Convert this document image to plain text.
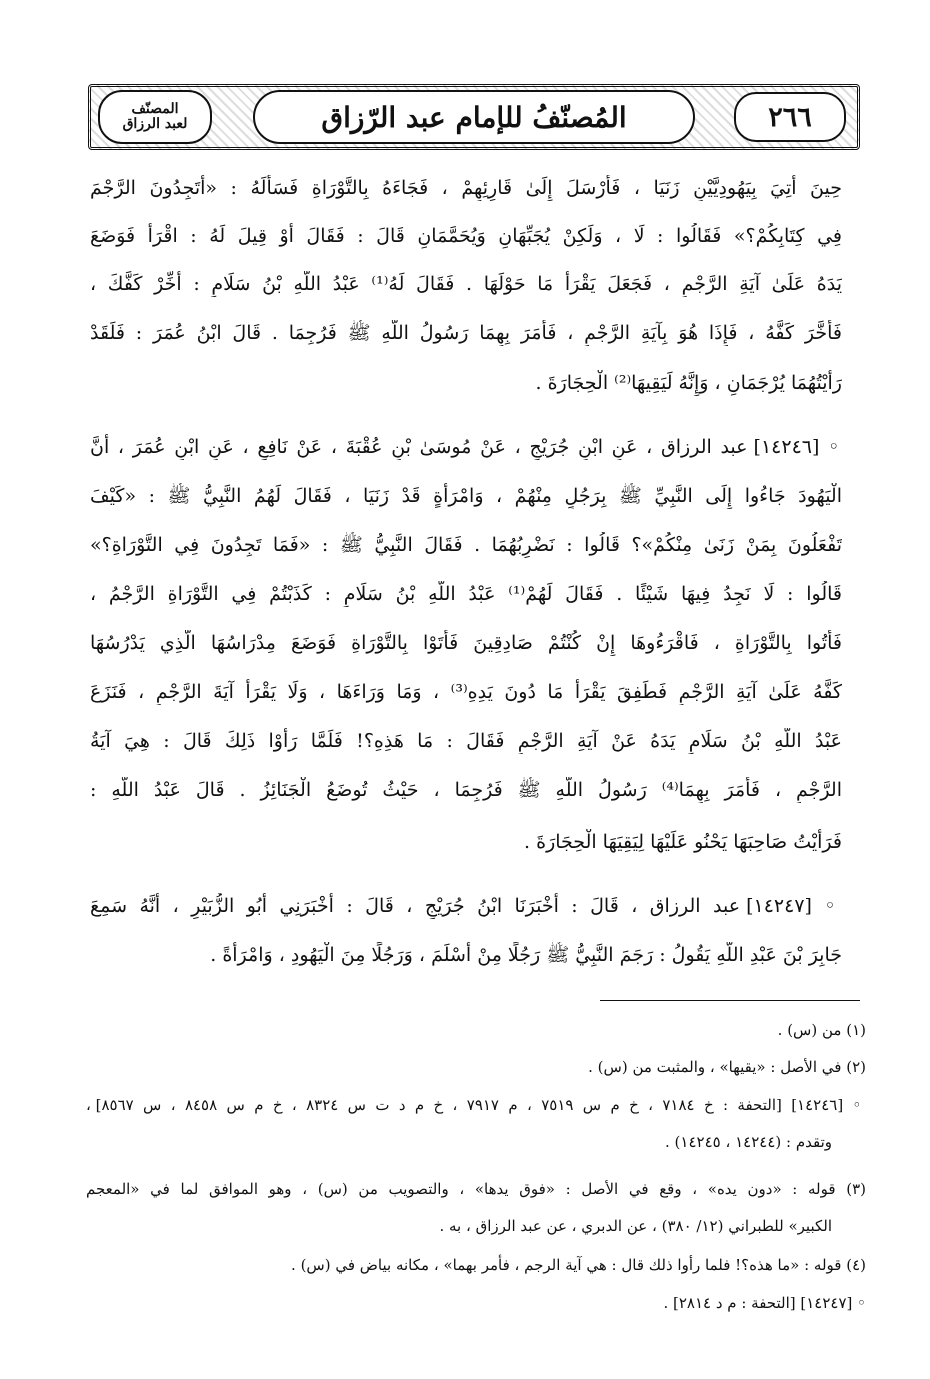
٢٦٦
المُصنّفُ للإمام عبد الرّزاق
المصنّف
لعبد الرزاق
حِينَ أُتِيَ بِيَهُودِيَّيْنِ زَنَيَا ، فَأَرْسَلَ إِلَىٰ قَارِئِهِمْ ، فَجَاءَهُ بِالتَّوْرَاةِ فَسَأَلَهُ : «أَتَجِدُونَ الرَّجْمَ
فِي كِتَابِكُمْ؟» فَقَالُوا : لَا ، وَلَكِنْ يُجَبِّهَانِ وَيُحَمَّمَانِ قَالَ : فَقَالَ أَوْ قِيلَ لَهُ : اقْرَأْ فَوَضَعَ
يَدَهُ عَلَىٰ آيَةِ الرَّجْمِ ، فَجَعَلَ يَقْرَأُ مَا حَوْلَهَا . فَقَالَ لَهُ⁽¹⁾ عَبْدُ اللَّهِ بْنُ سَلَامٍ : أَخِّرْ كَفَّكَ ،
فَأَخَّرَ كَفَّهُ ، فَإِذَا هُوَ بِآيَةِ الرَّجْمِ ، فَأَمَرَ بِهِمَا رَسُولُ اللَّهِ ﷺ فَرُجِمَا . قَالَ ابْنُ عُمَرَ : فَلَقَدْ
رَأَيْتُهُمَا يُرْجَمَانِ ، وَإِنَّهُ لَيَقِيهَا⁽²⁾ الْحِجَارَةَ .
◦ [١٤٢٤٦] عبد الرزاق ، عَنِ ابْنِ جُرَيْجٍ ، عَنْ مُوسَىٰ بْنِ عُقْبَةَ ، عَنْ نَافِعٍ ، عَنِ ابْنِ عُمَرَ ، أَنَّ
الْيَهُودَ جَاءُوا إِلَى النَّبِيِّ ﷺ بِرَجُلٍ مِنْهُمْ ، وَامْرَأَةٍ قَدْ زَنَيَا ، فَقَالَ لَهُمُ النَّبِيُّ ﷺ : «كَيْفَ
تَفْعَلُونَ بِمَنْ زَنَىٰ مِنْكُمْ»؟ قَالُوا : نَضْرِبُهُمَا . فَقَالَ النَّبِيُّ ﷺ : «فَمَا تَجِدُونَ فِي التَّوْرَاةِ؟»
قَالُوا : لَا نَجِدُ فِيهَا شَيْئًا . فَقَالَ لَهُمْ⁽¹⁾ عَبْدُ اللَّهِ بْنُ سَلَامٍ : كَذَبْتُمْ فِي التَّوْرَاةِ الرَّجْمُ ،
فَأْتُوا بِالتَّوْرَاةِ ، فَاقْرَءُوهَا إِنْ كُنْتُمْ صَادِقِينَ فَأَتَوْا بِالتَّوْرَاةِ فَوَضَعَ مِدْرَاسُهَا الَّذِي يَدْرُسُهَا
كَفَّهُ عَلَىٰ آيَةِ الرَّجْمِ فَطَفِقَ يَقْرَأُ مَا دُونَ يَدِهِ⁽³⁾ ، وَمَا وَرَاءَهَا ، وَلَا يَقْرَأُ آيَةَ الرَّجْمِ ، فَنَزَعَ
عَبْدُ اللَّهِ بْنُ سَلَامٍ يَدَهُ عَنْ آيَةِ الرَّجْمِ فَقَالَ : مَا هَذِهِ؟! فَلَمَّا رَأَوْا ذَلِكَ قَالَ : هِيَ آيَةُ
الرَّجْمِ ، فَأَمَرَ بِهِمَا⁽⁴⁾ رَسُولُ اللَّهِ ﷺ فَرُجِمَا ، حَيْثُ تُوضَعُ الْجَنَائِزُ . قَالَ عَبْدُ اللَّهِ :
فَرَأَيْتُ صَاحِبَهَا يَحْنُو عَلَيْهَا لِيَقِيَهَا الْحِجَارَةَ .
◦ [١٤٢٤٧] عبد الرزاق ، قَالَ : أَخْبَرَنَا ابْنُ جُرَيْجٍ ، قَالَ : أَخْبَرَنِي أَبُو الزُّبَيْرِ ، أَنَّهُ سَمِعَ
جَابِرَ بْنَ عَبْدِ اللَّهِ يَقُولُ : رَجَمَ النَّبِيُّ ﷺ رَجُلًا مِنْ أَسْلَمَ ، وَرَجُلًا مِنَ الْيَهُودِ ، وَامْرَأَةً .
(١) من (س) .
(٢) في الأصل : «يقيها» ، والمثبت من (س) .
◦ [١٤٢٤٦] [التحفة : خ ٧١٨٤ ، خ م س ٧٥١٩ ، م ٧٩١٧ ، خ م د ت س ٨٣٢٤ ، خ م س ٨٤٥٨ ، س ٨٥٦٧] ،
وتقدم : (١٤٢٤٤ ، ١٤٢٤٥) .
(٣) قوله : «دون يده» ، وقع في الأصل : «فوق يدها» ، والتصويب من (س) ، وهو الموافق لما في «المعجم
الكبير» للطبراني (١٢/ ٣٨٠) ، عن الدبري ، عن عبد الرزاق ، به .
(٤) قوله : «ما هذه؟! فلما رأوا ذلك قال : هي آية الرجم ، فأمر بهما» ، مكانه بياض في (س) .
◦ [١٤٢٤٧] [التحفة : م د ٢٨١٤] .
